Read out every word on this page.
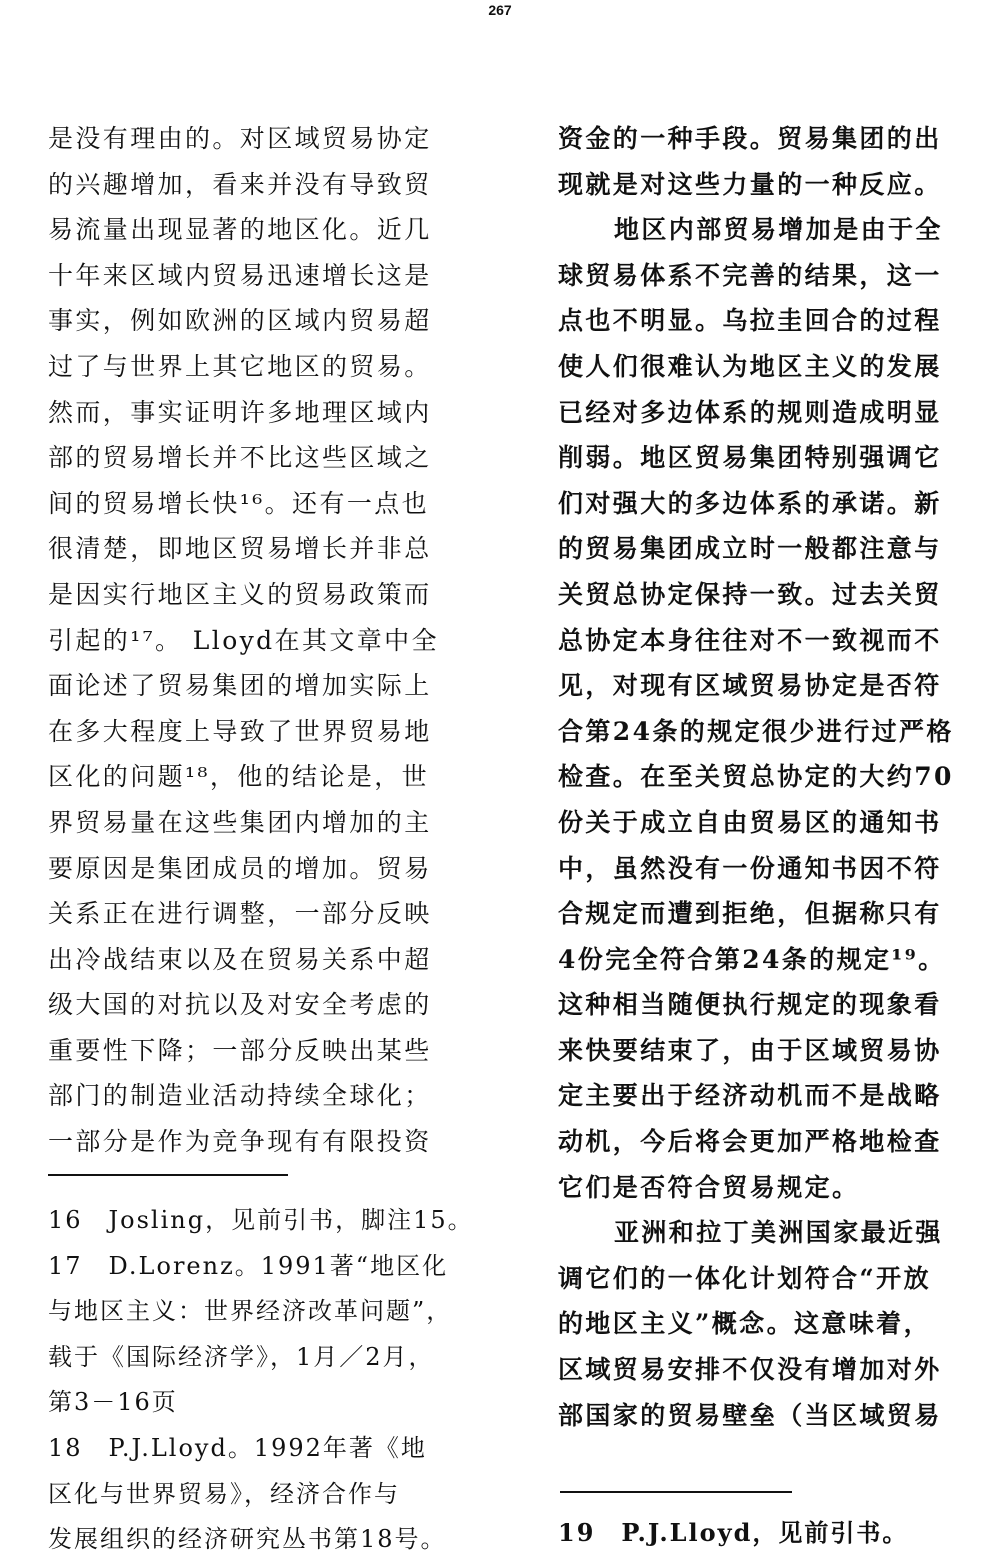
267
是没有理由的。对区域贸易协定
的兴趣增加，看来并没有导致贸
易流量出现显著的地区化。近几
十年来区域内贸易迅速增长这是
事实，例如欧洲的区域内贸易超
过了与世界上其它地区的贸易。
然而，事实证明许多地理区域内
部的贸易增长并不比这些区域之
间的贸易增长快¹⁶。还有一点也
很清楚，即地区贸易增长并非总
是因实行地区主义的贸易政策而
引起的¹⁷。 Lloyd在其文章中全
面论述了贸易集团的增加实际上
在多大程度上导致了世界贸易地
区化的问题¹⁸，他的结论是，世
界贸易量在这些集团内增加的主
要原因是集团成员的增加。贸易
关系正在进行调整，一部分反映
出冷战结束以及在贸易关系中超
级大国的对抗以及对安全考虑的
重要性下降；一部分反映出某些
部门的制造业活动持续全球化；
一部分是作为竞争现有有限投资
16　Josling，见前引书，脚注15。
17　D.Lorenz。1991著“地区化
与地区主义：世界经济改革问题”，
载于《国际经济学》，1月／2月，
第3－16页
18　P.J.Lloyd。1992年著《地
区化与世界贸易》，经济合作与
发展组织的经济研究丛书第18号。
资金的一种手段。贸易集团的出
现就是对这些力量的一种反应。
地区内部贸易增加是由于全
球贸易体系不完善的结果，这一
点也不明显。乌拉圭回合的过程
使人们很难认为地区主义的发展
已经对多边体系的规则造成明显
削弱。地区贸易集团特别强调它
们对强大的多边体系的承诺。新
的贸易集团成立时一般都注意与
关贸总协定保持一致。过去关贸
总协定本身往往对不一致视而不
见，对现有区域贸易协定是否符
合第24条的规定很少进行过严格
检查。在至关贸总协定的大约70
份关于成立自由贸易区的通知书
中，虽然没有一份通知书因不符
合规定而遭到拒绝，但据称只有
4份完全符合第24条的规定¹⁹。
这种相当随便执行规定的现象看
来快要结束了，由于区域贸易协
定主要出于经济动机而不是战略
动机，今后将会更加严格地检查
它们是否符合贸易规定。
亚洲和拉丁美洲国家最近强
调它们的一体化计划符合“开放
的地区主义”概念。这意味着，
区域贸易安排不仅没有增加对外
部国家的贸易壁垒（当区域贸易
19　P.J.Lloyd，见前引书。
